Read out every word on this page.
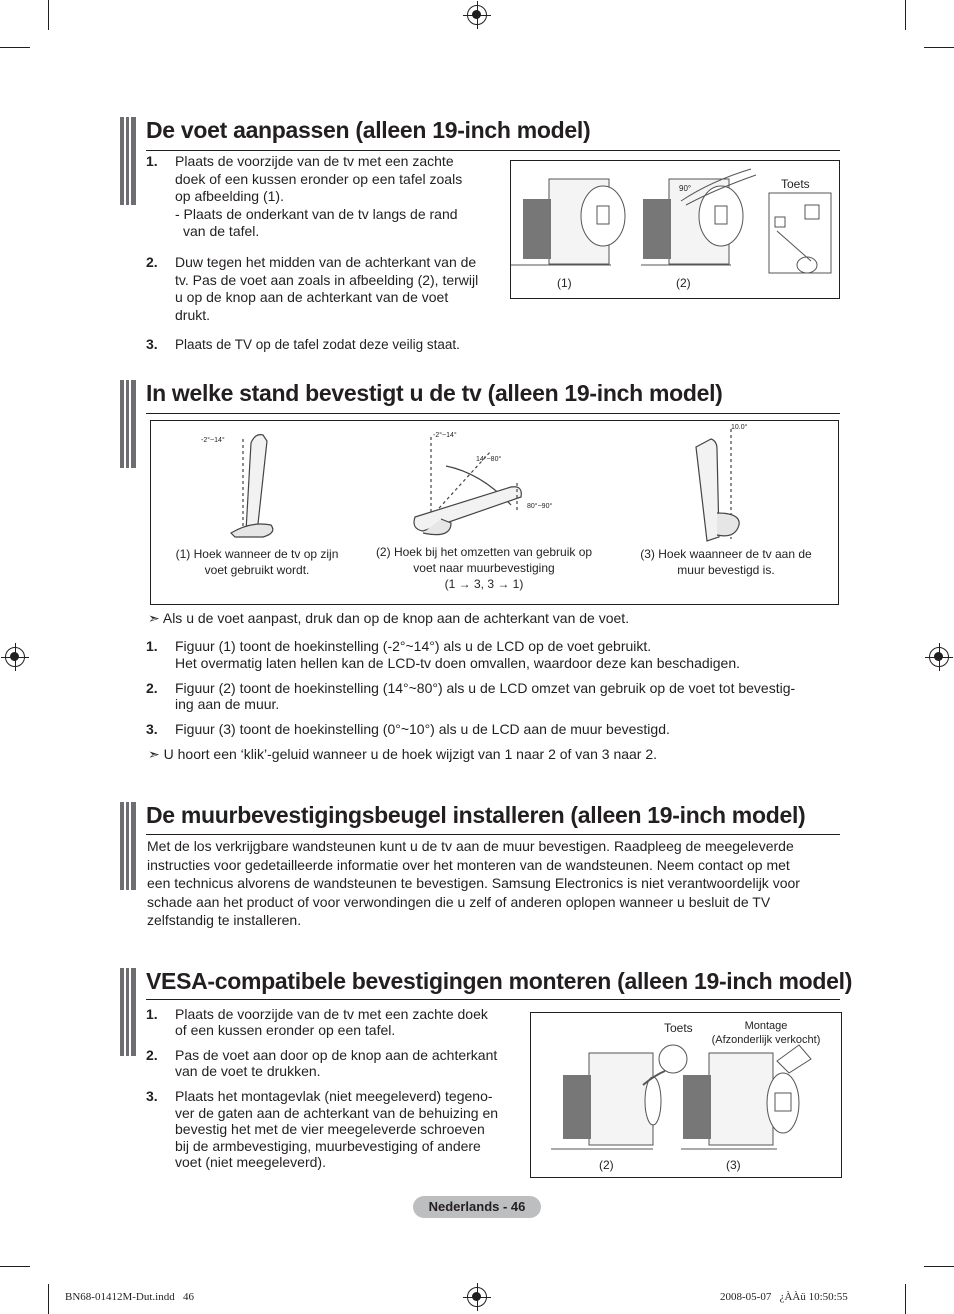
De voet aanpassen (alleen 19-inch model)
1. Plaats de voorzijde van de tv met een zachte
doek of een kussen eronder op een tafel zoals
op afbeelding (1).
- Plaats de onderkant van de tv langs de rand
van de tafel.
2. Duw tegen het midden van de achterkant van de
tv. Pas de voet aan zoals in afbeelding (2), terwijl
u op de knop aan de achterkant van de voet
drukt.
3. Plaats de TV op de tafel zodat deze veilig staat.
90°	Toets
(1)	(2)
In welke stand bevestigt u de tv (alleen 19-inch model)
-2°~14°
-2°~14°
14°~80°
80°~90°
10.0°
(1) Hoek wanneer de tv op zijn
voet gebruikt wordt.
(2) Hoek bij het omzetten van gebruik op
voet naar muurbevestiging
(1 → 3, 3 → 1)
(3) Hoek waanneer de tv aan de
muur bevestigd is.
➣ Als u de voet aanpast, druk dan op de knop aan de achterkant van de voet.
1. Figuur (1) toont de hoekinstelling (-2°~14°) als u de LCD op de voet gebruikt.
Het overmatig laten hellen kan de LCD-tv doen omvallen, waardoor deze kan beschadigen.
2. Figuur (2) toont de hoekinstelling (14°~80°) als u de LCD omzet van gebruik op de voet tot bevestig-
ing aan de muur.
3. Figuur (3) toont de hoekinstelling (0°~10°) als u de LCD aan de muur bevestigd.
➣ U hoort een ‘klik’-geluid wanneer u de hoek wijzigt van 1 naar 2 of van 3 naar 2.
De muurbevestigingsbeugel installeren (alleen 19-inch model)
Met de los verkrijgbare wandsteunen kunt u de tv aan de muur bevestigen. Raadpleeg de meegeleverde
instructies voor gedetailleerde informatie over het monteren van de wandsteunen. Neem contact op met
een technicus alvorens de wandsteunen te bevestigen. Samsung Electronics is niet verantwoordelijk voor
schade aan het product of voor verwondingen die u zelf of anderen oplopen wanneer u besluit de TV
zelfstandig te installeren.
VESA-compatibele bevestigingen monteren (alleen 19-inch model)
1. Plaats de voorzijde van de tv met een zachte doek
of een kussen eronder op een tafel.
2. Pas de voet aan door op de knop aan de achterkant
van de voet te drukken.
3. Plaats het montagevlak (niet meegeleverd) tegeno-
ver de gaten aan de achterkant van de behuizing en
bevestig het met de vier meegeleverde schroeven
bij de armbevestiging, muurbevestiging of andere
voet (niet meegeleverd).
Toets	Montage
(Afzonderlijk verkocht)
(2)	(3)
Nederlands - 46
BN68-01412M-Dut.indd   46	2008-05-07   ¿ÀÀü 10:50:55
